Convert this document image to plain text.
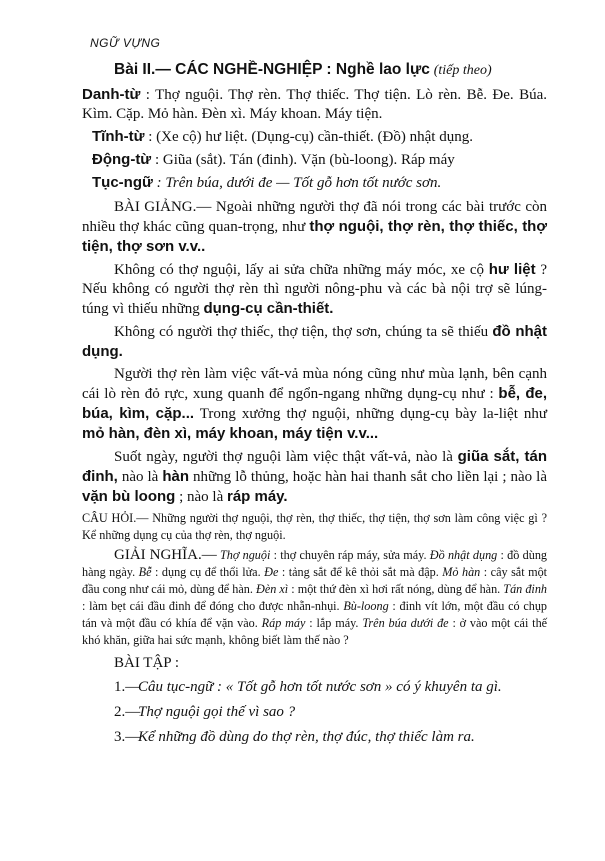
NGỮ VỰNG
Bài II.— CÁC NGHỀ-NGHIỆP : Nghề lao lực (tiếp theo)

Danh-từ : Thợ nguội. Thợ rèn. Thợ thiếc. Thợ tiện. Lò rèn. Bễ. Đe. Búa. Kìm. Cặp. Mỏ hàn. Đèn xì. Máy khoan. Máy tiện.

Tĩnh-từ : (Xe cộ) hư liệt. (Dụng-cụ) cần-thiết. (Đồ) nhật dụng.

Động-từ : Giũa (sắt). Tán (đinh). Vặn (bù-loong). Ráp máy

Tục-ngữ : Trên búa, dưới đe — Tốt gỗ hơn tốt nước sơn.

BÀI GIẢNG.— Ngoài những người thợ đã nói trong các bài trước còn nhiều thợ khác cũng quan-trọng, như thợ nguội, thợ rèn, thợ thiếc, thợ tiện, thợ sơn v.v..

Không có thợ nguội, lấy ai sửa chữa những máy móc, xe cộ hư liệt ? Nếu không có người thợ rèn thì người nông-phu và các bà nội trợ sẽ lúng-túng vì thiếu những dụng-cụ cần-thiết.

Không có người thợ thiếc, thợ tiện, thợ sơn, chúng ta sẽ thiếu đồ nhật dụng.

Người thợ rèn làm việc vất-vả mùa nóng cũng như mùa lạnh, bên cạnh cái lò rèn đỏ rực, xung quanh để ngổn-ngang những dụng-cụ như : bễ, đe, búa, kìm, cặp... Trong xưởng thợ nguội, những dụng-cụ bày la-liệt như mỏ hàn, đèn xì, máy khoan, máy tiện v.v...

Suốt ngày, người thợ nguội làm việc thật vất-vả, nào là giũa sắt, tán đinh, nào là hàn những lỗ thủng, hoặc hàn hai thanh sắt cho liền lại ; nào là vặn bù loong ; nào là ráp máy.

CÂU HỎI.— Những người thợ nguội, thợ rèn, thợ thiếc, thợ tiện, thợ sơn làm công việc gì ? Kể những dụng cụ của thợ rèn, thợ nguội.

GIẢI NGHĨA.— Thợ nguội : thợ chuyên ráp máy, sửa máy. Đồ nhật dụng : đồ dùng hàng ngày. Bễ : dụng cụ để thổi lửa. Đe : tảng sắt để kê thỏi sắt mà đập. Mỏ hàn : cây sắt một đầu cong như cái mỏ, dùng để hàn. Đèn xì : một thứ đèn xì hơi rất nóng, dùng để hàn. Tán đinh : làm bẹt cái đầu đinh để đóng cho được nhẵn-nhụi. Bù-loong : đinh vít lớn, một đầu có chụp tán và một đầu có khía để vặn vào. Ráp máy : lắp máy. Trên búa dưới đe : ở vào một cái thế khó khăn, giữa hai sức mạnh, không biết làm thế nào ?

BÀI TẬP :
1.—
Câu tục-ngữ : « Tốt gỗ hơn tốt nước sơn » có ý khuyên ta gì.
2.—
Thợ nguội gọi thế vì sao ?
3.—
Kể những đồ dùng do thợ rèn, thợ đúc, thợ thiếc làm ra.
